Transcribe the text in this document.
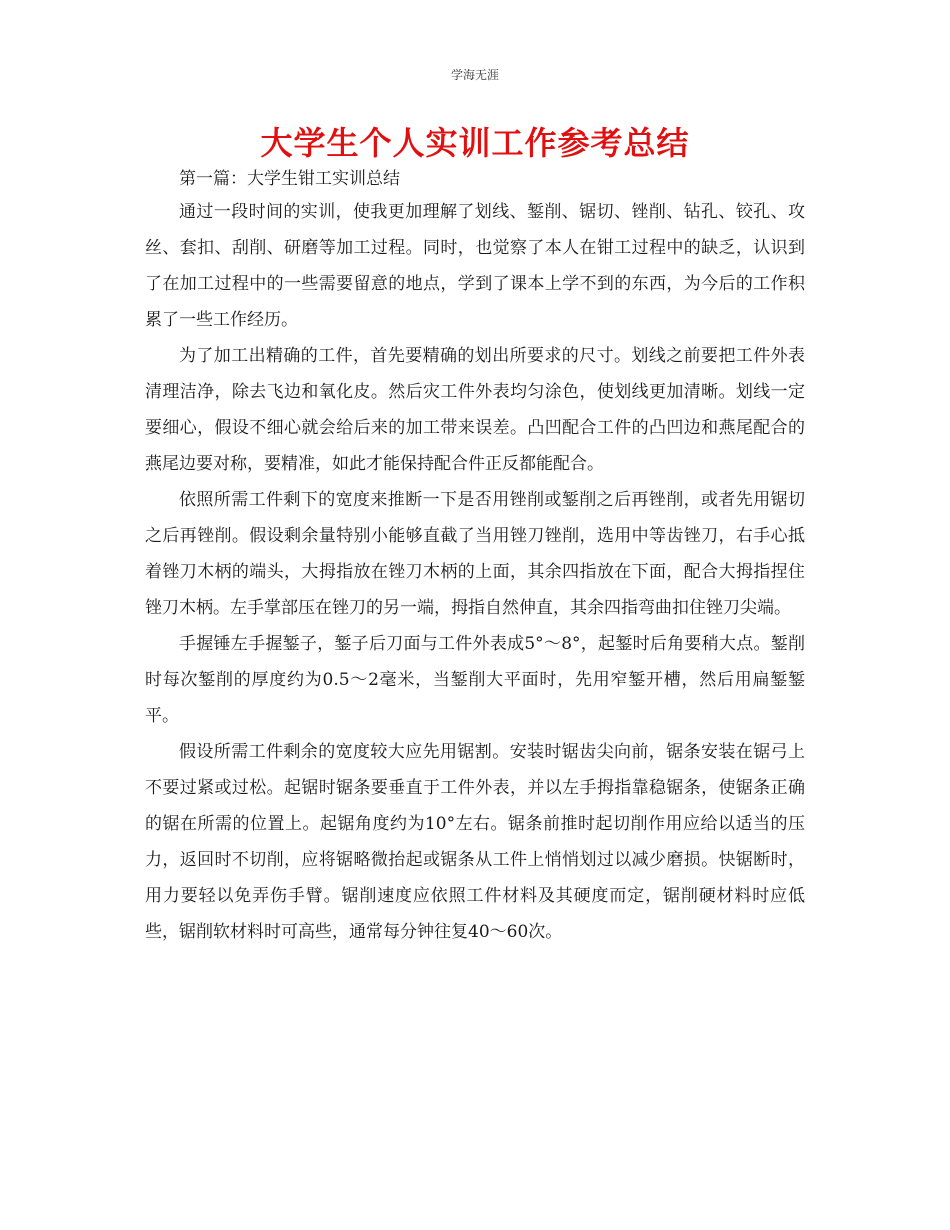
学海无涯
大学生个人实训工作参考总结

第一篇：大学生钳工实训总结

通过一段时间的实训，使我更加理解了划线、錾削、锯切、锉削、钻孔、铰孔、攻丝、套扣、刮削、研磨等加工过程。同时，也觉察了本人在钳工过程中的缺乏，认识到了在加工过程中的一些需要留意的地点，学到了课本上学不到的东西，为今后的工作积累了一些工作经历。

为了加工出精确的工件，首先要精确的划出所要求的尺寸。划线之前要把工件外表清理洁净，除去飞边和氧化皮。然后灾工件外表均匀涂色，使划线更加清晰。划线一定要细心，假设不细心就会给后来的加工带来误差。凸凹配合工件的凸凹边和燕尾配合的燕尾边要对称，要精准，如此才能保持配合件正反都能配合。

依照所需工件剩下的宽度来推断一下是否用锉削或錾削之后再锉削，或者先用锯切之后再锉削。假设剩余量特别小能够直截了当用锉刀锉削，选用中等齿锉刀，右手心抵着锉刀木柄的端头，大拇指放在锉刀木柄的上面，其余四指放在下面，配合大拇指捏住锉刀木柄。左手掌部压在锉刀的另一端，拇指自然伸直，其余四指弯曲扣住锉刀尖端。

手握锤左手握錾子，錾子后刀面与工件外表成5°～8°，起錾时后角要稍大点。錾削时每次錾削的厚度约为0.5～2毫米，当錾削大平面时，先用窄錾开槽，然后用扁錾錾平。

假设所需工件剩余的宽度较大应先用锯割。安装时锯齿尖向前，锯条安装在锯弓上不要过紧或过松。起锯时锯条要垂直于工件外表，并以左手拇指靠稳锯条，使锯条正确的锯在所需的位置上。起锯角度约为10°左右。锯条前推时起切削作用应给以适当的压力，返回时不切削，应将锯略微抬起或锯条从工件上悄悄划过以减少磨损。快锯断时，用力要轻以免弄伤手臂。锯削速度应依照工件材料及其硬度而定，锯削硬材料时应低些，锯削软材料时可高些，通常每分钟往复40～60次。
